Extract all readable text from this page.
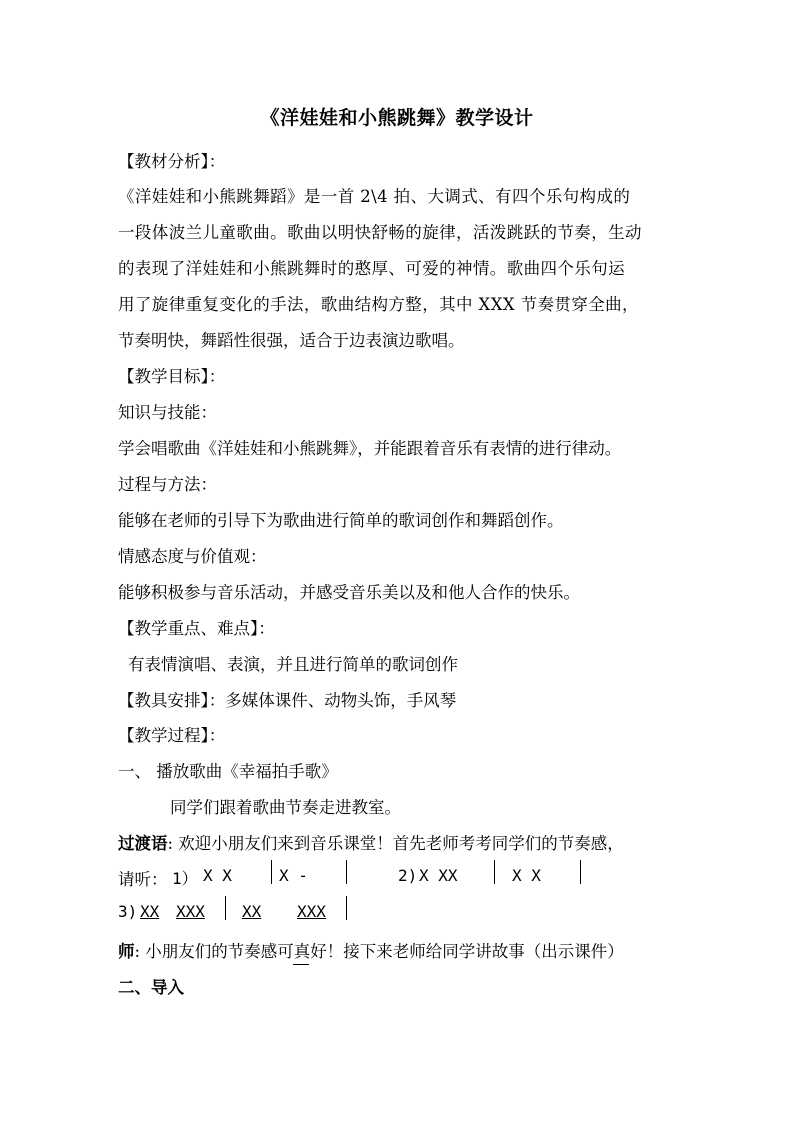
《洋娃娃和小熊跳舞》教学设计
【教材分析】：
《洋娃娃和小熊跳舞蹈》是一首 2\4 拍、大调式、有四个乐句构成的
一段体波兰儿童歌曲。歌曲以明快舒畅的旋律，活泼跳跃的节奏，生动
的表现了洋娃娃和小熊跳舞时的憨厚、可爱的神情。歌曲四个乐句运
用了旋律重复变化的手法，歌曲结构方整，其中 XXX 节奏贯穿全曲，
节奏明快，舞蹈性很强，适合于边表演边歌唱。
【教学目标】：
知识与技能：
学会唱歌曲《洋娃娃和小熊跳舞》，并能跟着音乐有表情的进行律动。
过程与方法：
能够在老师的引导下为歌曲进行简单的歌词创作和舞蹈创作。
情感态度与价值观：
能够积极参与音乐活动，并感受音乐美以及和他人合作的快乐。
【教学重点、难点】：
有表情演唱、表演，并且进行简单的歌词创作
【教具安排】：多媒体课件、动物头饰，手风琴
【教学过程】：
一、 播放歌曲《幸福拍手歌》
同学们跟着歌曲节奏走进教室。
过渡语: 欢迎小朋友们来到音乐课堂！首先老师考考同学们的节奏感，
请听： 1） X X	X -	2) X XX	X X
3) XX XXX XX XXX
师: 小朋友们的节奏感可真好！接下来老师给同学讲故事（出示课件）
二、导入
